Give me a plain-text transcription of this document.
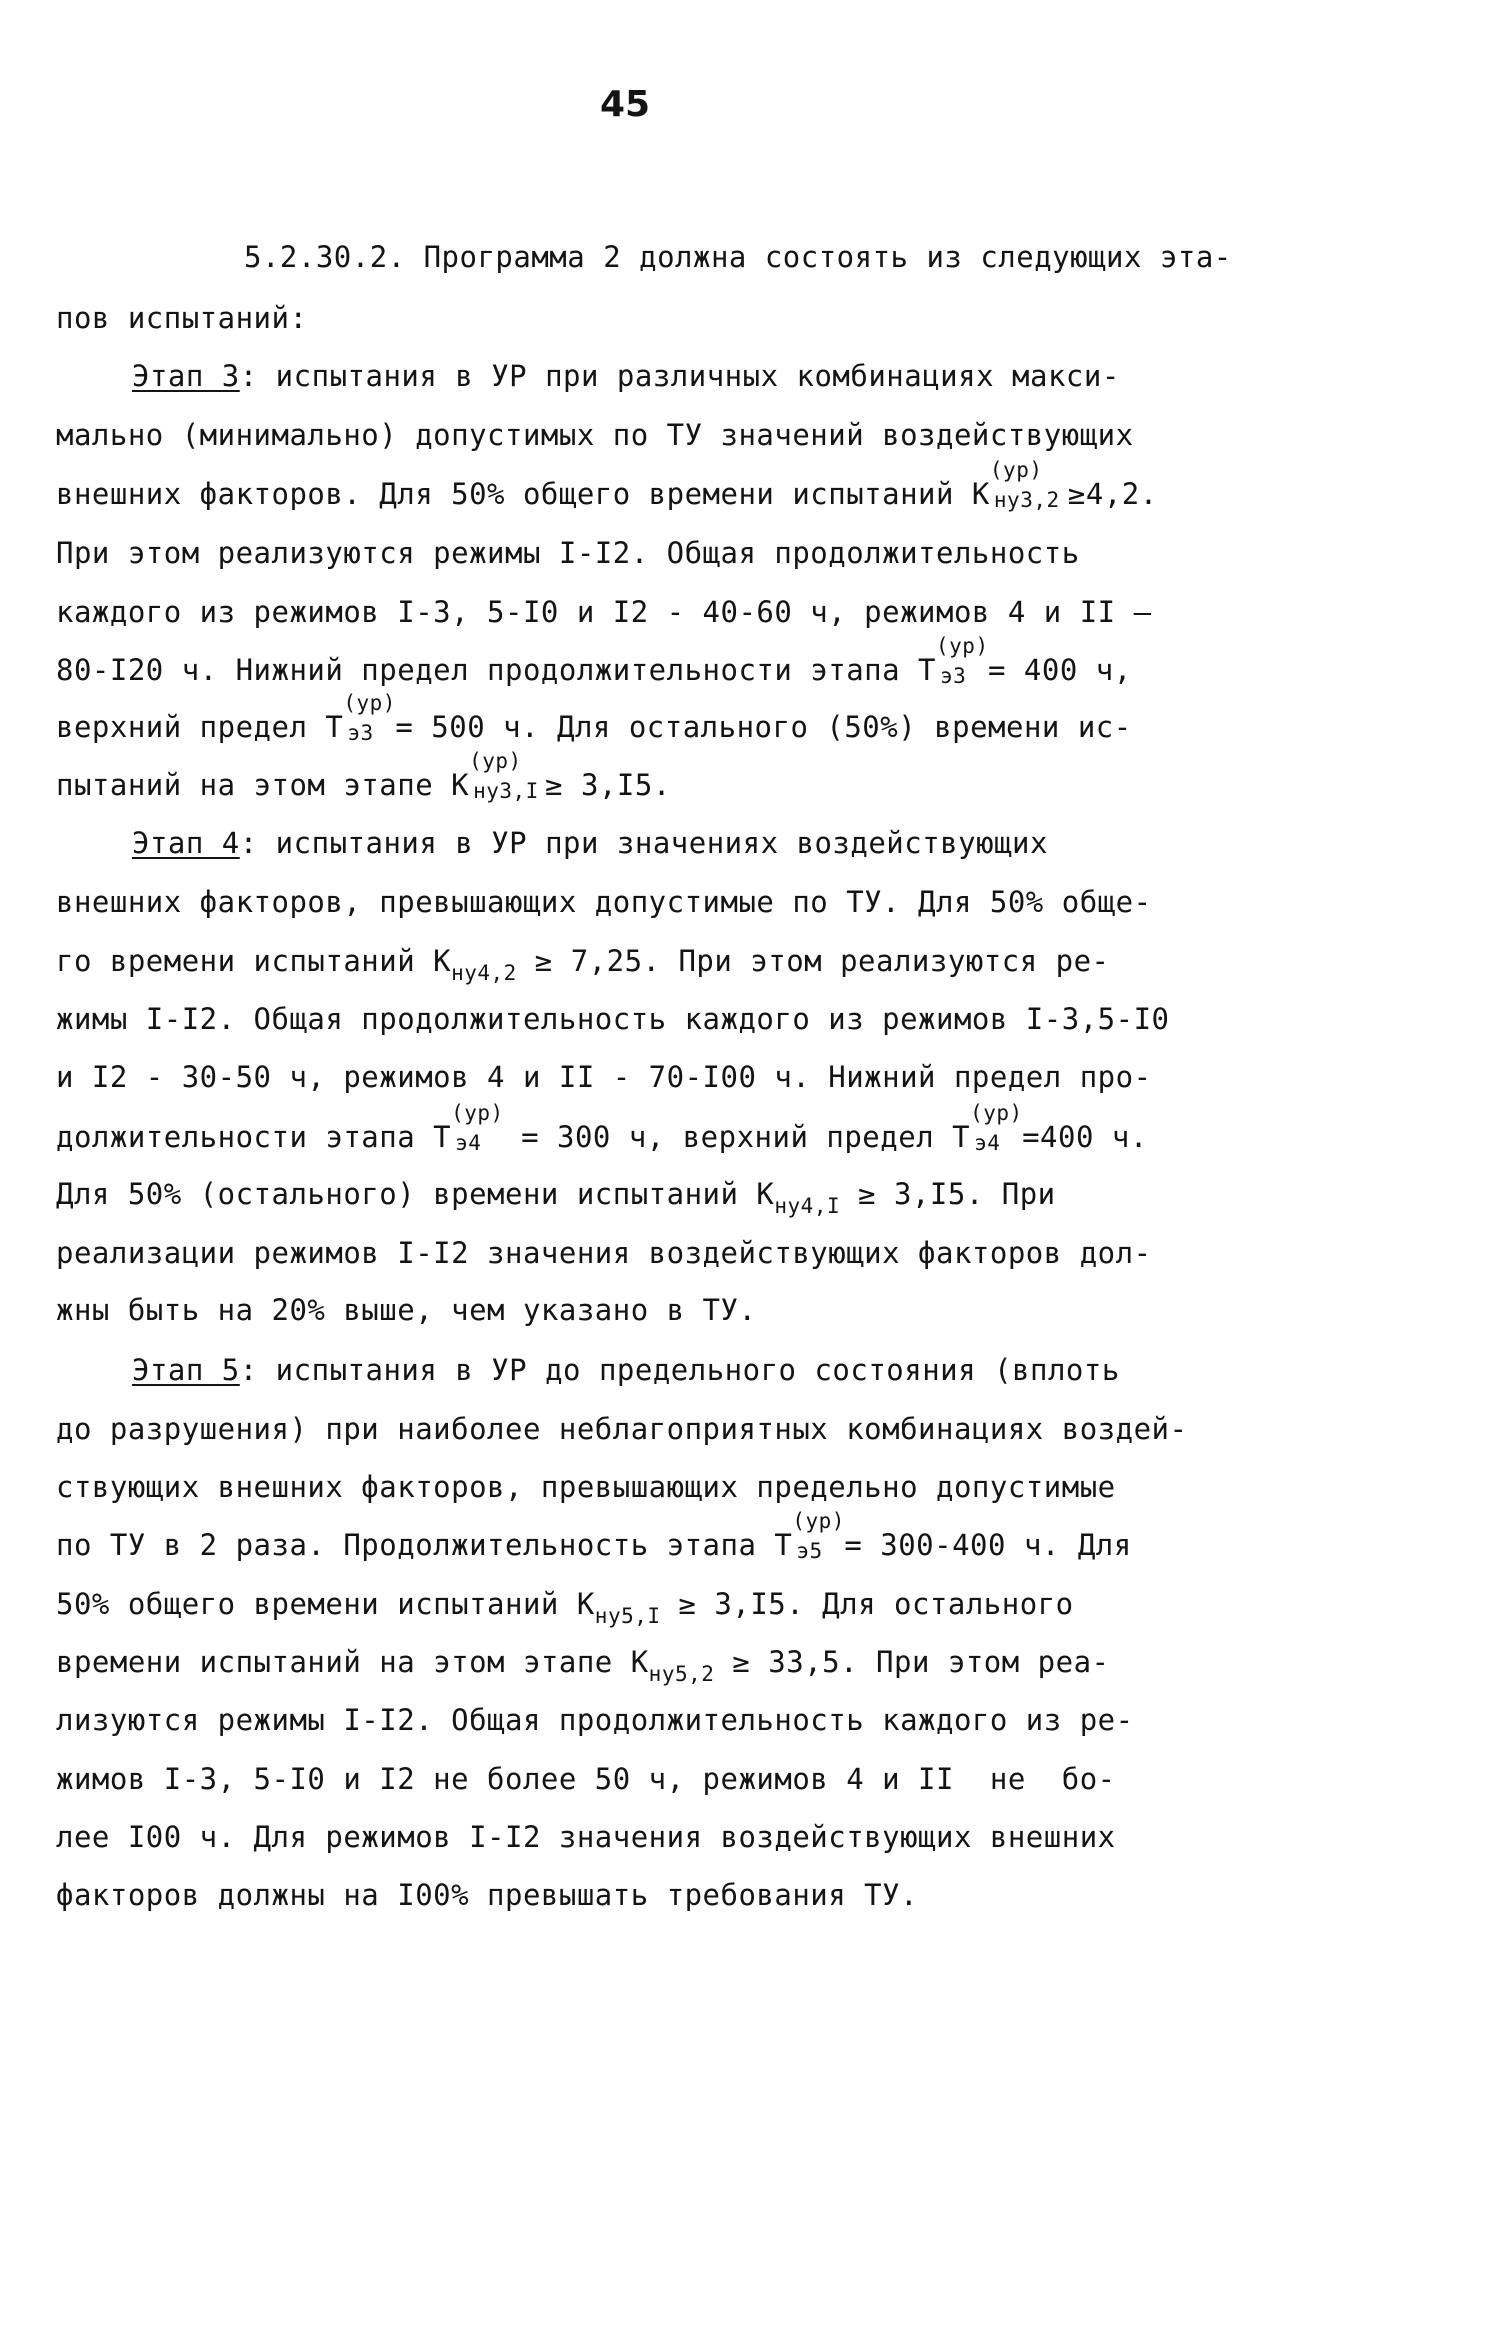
45
5.2.30.2. Программа 2 должна состоять из следующих эта-
пов испытаний:
Этап 3: испытания в УР при различных комбинациях макси-
мально (минимально) допустимых по ТУ значений воздействующих
внешних факторов. Для 50% общего времени испытаний К
(ур)
ну3,2 ≥4,2.
При этом реализуются режимы I-I2. Общая продолжительность
каждого из режимов I-3, 5-I0 и I2 - 40-60 ч, режимов 4 и II –
80-I20 ч. Нижний предел продолжительности этапа Т
(ур)
э3 = 400 ч,
верхний предел Т
(ур)
э3 = 500 ч. Для остального (50%) времени ис-
пытаний на этом этапе К
(ур)
ну3,I ≥ 3,I5.
Этап 4: испытания в УР при значениях воздействующих
внешних факторов, превышающих допустимые по ТУ. Для 50% обще-
го времени испытаний $К_{ну4,2} \ge 7,25$. При этом реализуются ре-
жимы I-I2. Общая продолжительность каждого из режимов I-3,5-I0
и I2 - 30-50 ч, режимов 4 и II - 70-I00 ч. Нижний предел про-
должительности этапа Т
(ур)
э4 = 300 ч, верхний предел Т
(ур)
э4 =400 ч.
Для 50% (остального) времени испытаний $К_{ну4,I} \ge 3,I5$. При
реализации режимов I-I2 значения воздействующих факторов дол-
жны быть на 20% выше, чем указано в ТУ.
Этап 5: испытания в УР до предельного состояния (вплоть
до разрушения) при наиболее неблагоприятных комбинациях воздей-
ствующих внешних факторов, превышающих предельно допустимые
по ТУ в 2 раза. Продолжительность этапа Т
(ур)
э5 = 300-400 ч. Для
50% общего времени испытаний $К_{ну5,I} \ge 3,I5$. Для остального
времени испытаний на этом этапе $К_{ну5,2} \ge 33,5$. При этом реа-
лизуются режимы I-I2. Общая продолжительность каждого из ре-
жимов I-3, 5-I0 и I2 не более 50 ч, режимов 4 и II  не  бо-
лее I00 ч. Для режимов I-I2 значения воздействующих внешних
факторов должны на I00% превышать требования ТУ.
